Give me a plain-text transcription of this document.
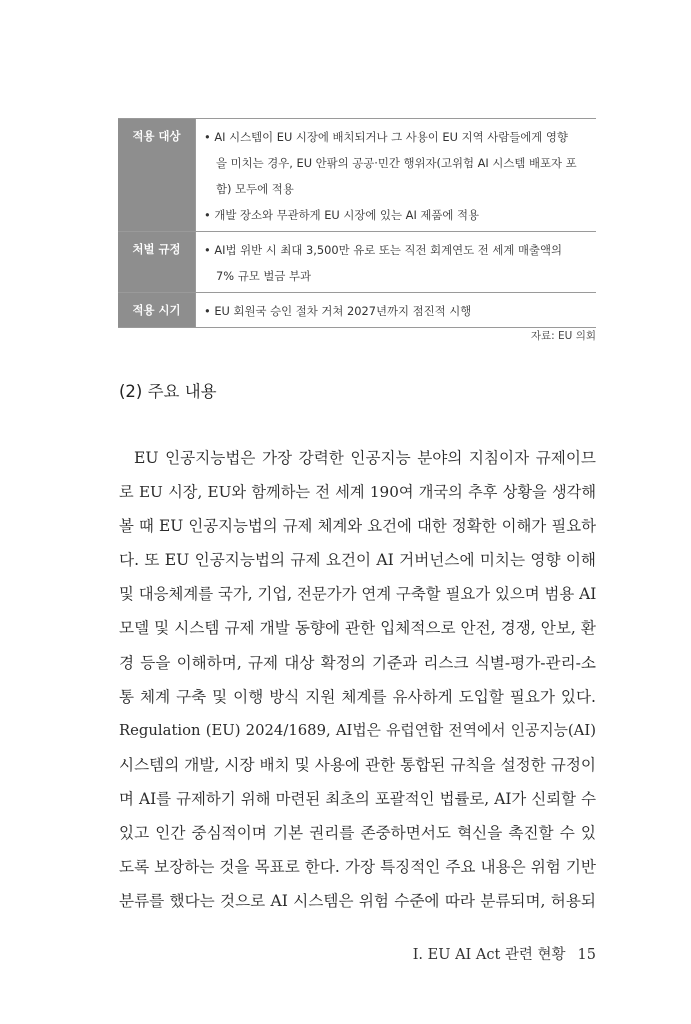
적용 대상	• AI 시스템이 EU 시장에 배치되거나 그 사용이 EU 지역 사람들에게 영향
을 미치는 경우, EU 안팎의 공공·민간 행위자(고위험 AI 시스템 배포자 포
함) 모두에 적용
• 개발 장소와 무관하게 EU 시장에 있는 AI 제품에 적용

처벌 규정	• AI법 위반 시 최대 3,500만 유로 또는 직전 회계연도 전 세계 매출액의
7% 규모 벌금 부과

적용 시기	• EU 회원국 승인 절차 거쳐 2027년까지 점진적 시행
자료: EU 의회
(2) 주요 내용
EU 인공지능법은 가장 강력한 인공지능 분야의 지침이자 규제이므
로 EU 시장, EU와 함께하는 전 세계 190여 개국의 추후 상황을 생각해
볼 때 EU 인공지능법의 규제 체계와 요건에 대한 정확한 이해가 필요하
다. 또 EU 인공지능법의 규제 요건이 AI 거버넌스에 미치는 영향 이해
및 대응체계를 국가, 기업, 전문가가 연계 구축할 필요가 있으며 범용 AI
모델 및 시스템 규제 개발 동향에 관한 입체적으로 안전, 경쟁, 안보, 환
경 등을 이해하며, 규제 대상 확정의 기준과 리스크 식별-평가-관리-소
통 체계 구축 및 이행 방식 지원 체계를 유사하게 도입할 필요가 있다.
Regulation (EU) 2024/1689, AI법은 유럽연합 전역에서 인공지능(AI)
시스템의 개발, 시장 배치 및 사용에 관한 통합된 규칙을 설정한 규정이
며 AI를 규제하기 위해 마련된 최초의 포괄적인 법률로, AI가 신뢰할 수
있고 인간 중심적이며 기본 권리를 존중하면서도 혁신을 촉진할 수 있
도록 보장하는 것을 목표로 한다. 가장 특징적인 주요 내용은 위험 기반
분류를 했다는 것으로 AI 시스템은 위험 수준에 따라 분류되며, 허용되
I. EU AI Act 관련 현황 15
